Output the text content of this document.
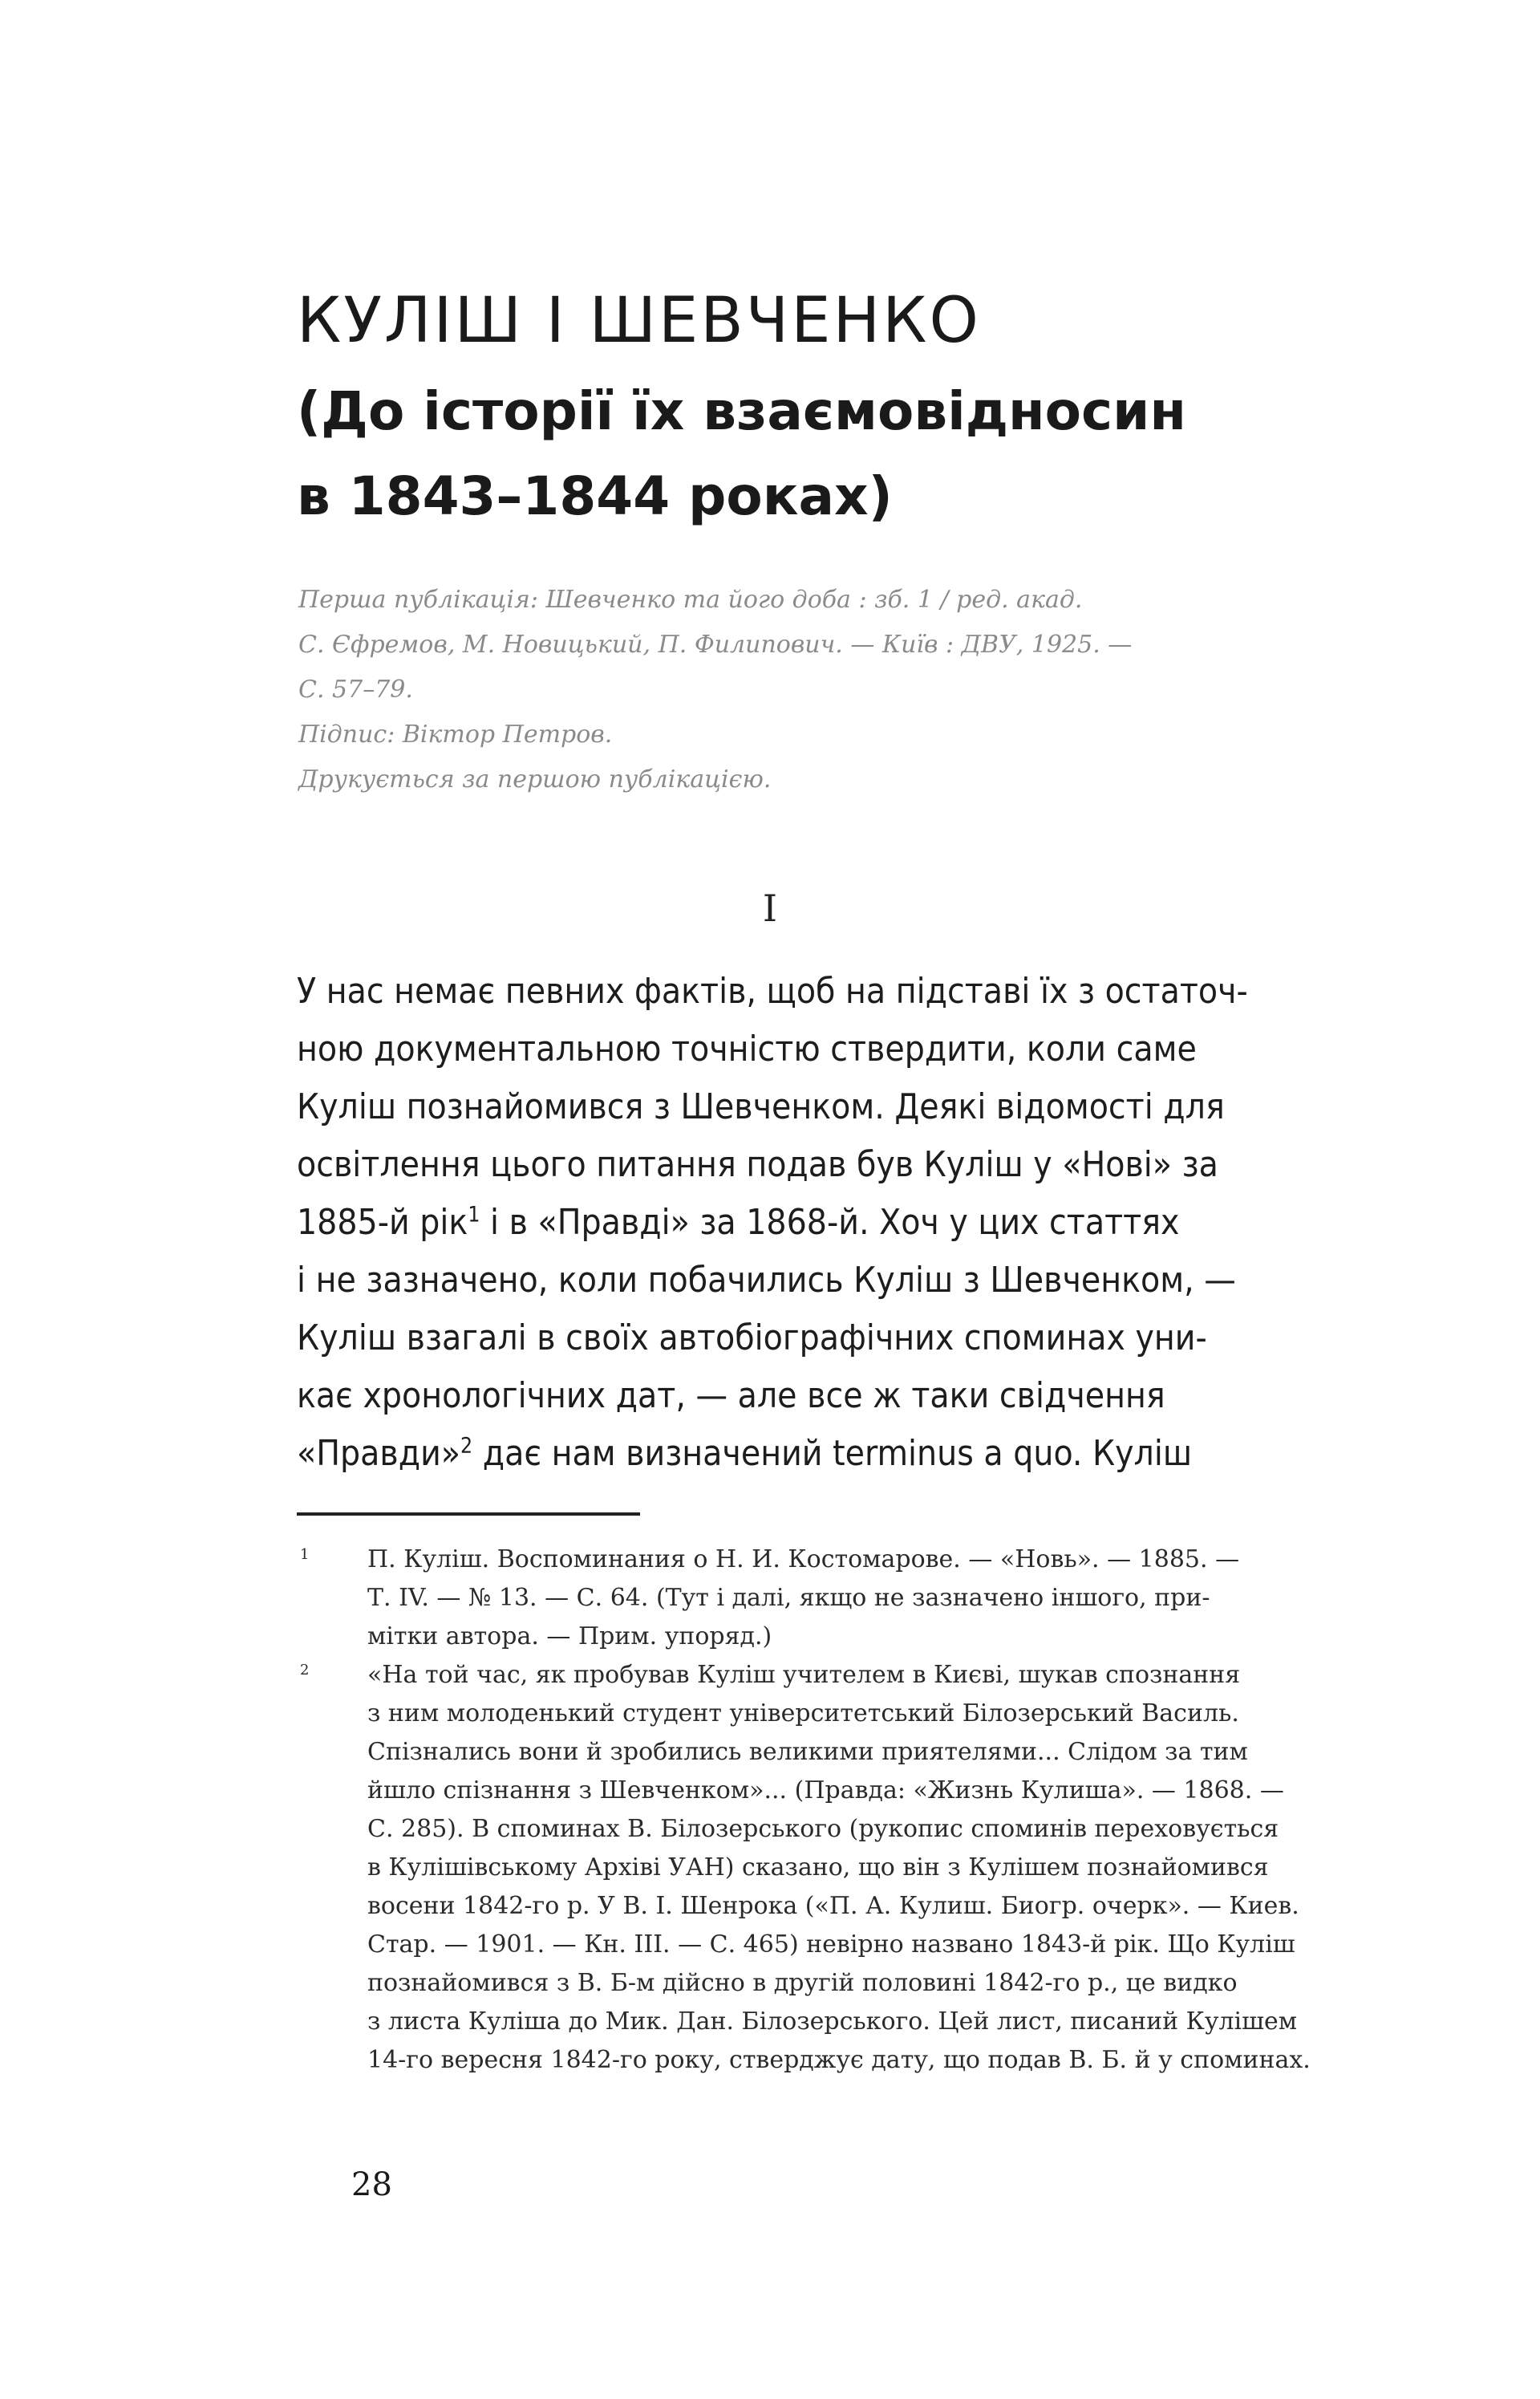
КУЛІШ І ШЕВЧЕНКО
(До історії їх взаємовідносин
в 1843–1844 роках)
Перша публікація: Шевченко та його доба : зб. 1 / ред. акад.
С. Єфремов, М. Новицький, П. Филипович. — Київ : ДВУ, 1925. —
С. 57–79.
Підпис: Віктор Петров.
Друкується за першою публікацією.
I
У нас немає певних фактів, щоб на підставі їх з остаточ-
ною документальною точністю ствердити, коли саме
Куліш познайомився з Шевченком. Деякі відомості для
освітлення цього питання подав був Куліш у «Нові» за
1885-й рік$^1$ і в «Правді» за 1868-й. Хоч у цих статтях
і не зазначено, коли побачились Куліш з Шевченком, —
Куліш взагалі в своїх автобіографічних споминах уни-
кає хронологічних дат, — але все ж таки свідчення
«Правди»$^2$ дає нам визначений terminus a quo. Куліш
1 П. Куліш. Воспоминания о Н. И. Костомарове. — «Новь». — 1885. —
Т. IV. — № 13. — С. 64. (Тут і далі, якщо не зазначено іншого, при-
мітки автора. — Прим. упоряд.)
2 «На той час, як пробував Куліш учителем в Києві, шукав спознання
з ним молоденький студент університетський Білозерський Василь.
Спізнались вони й зробились великими приятелями... Слідом за тим
йшло спізнання з Шевченком»... (Правда: «Жизнь Кулиша». — 1868. —
С. 285). В споминах В. Білозерського (рукопис споминів переховується
в Кулішівському Архіві УАН) сказано, що він з Кулішем познайомився
восени 1842-го р. У В. І. Шенрока («П. А. Кулиш. Биогр. очерк». — Киев.
Стар. — 1901. — Кн. III. — С. 465) невірно названо 1843-й рік. Що Куліш
познайомився з В. Б-м дійсно в другій половині 1842-го р., це видко
з листа Куліша до Мик. Дан. Білозерського. Цей лист, писаний Кулішем
14-го вересня 1842-го року, стверджує дату, що подав В. Б. й у споминах.
28
